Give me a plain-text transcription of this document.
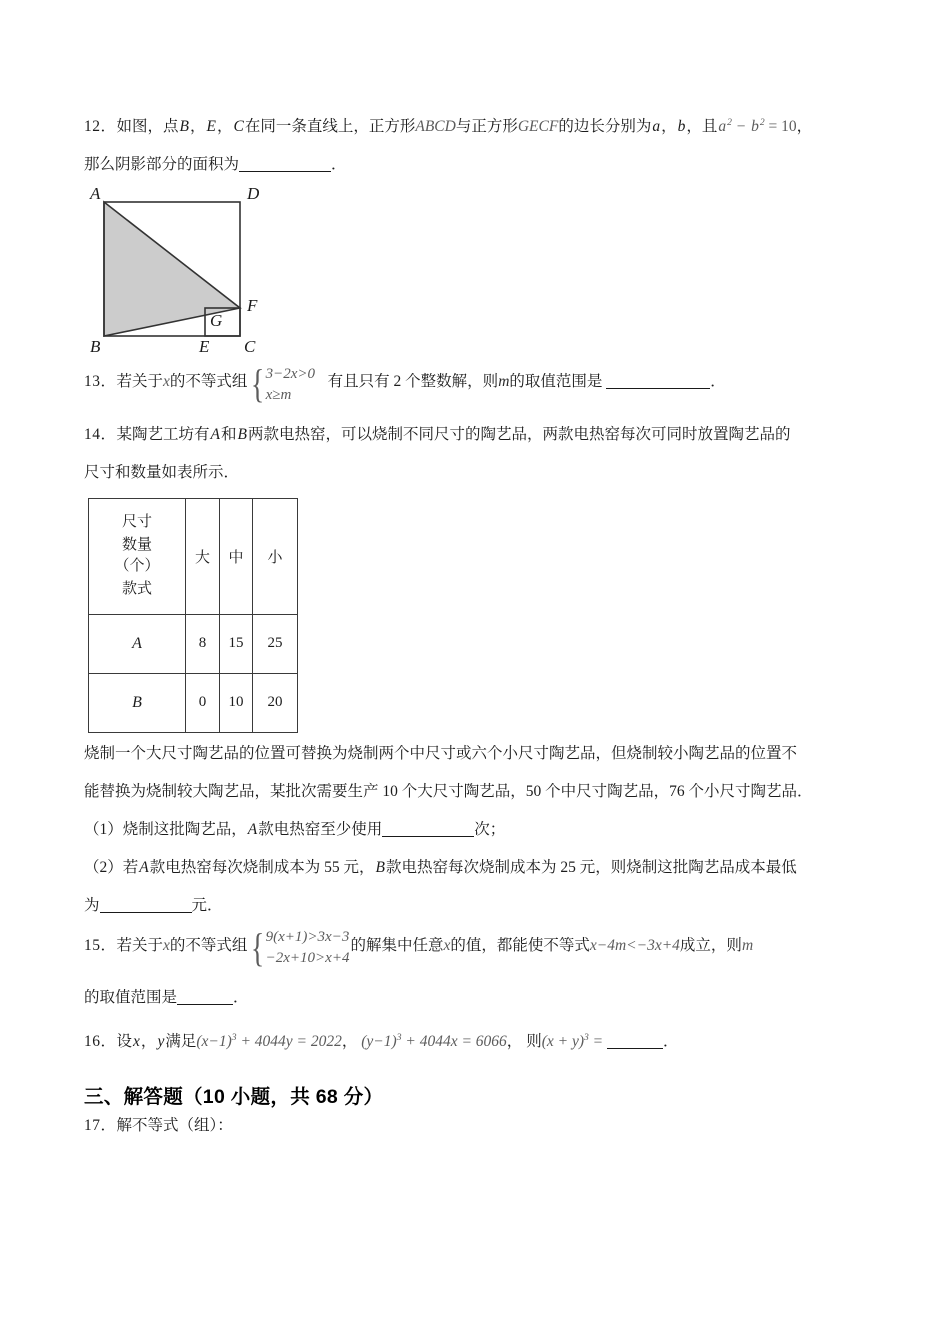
12．如图，点B，E，C在同一条直线上，正方形ABCD与正方形GECF的边长分别为a，b，且$a^2 - b^2 = 10$，
那么阴影部分的面积为	．
A	D
F
G
B	E C
13．若关于x的不等式组 { 3−2x>0
x≥m
有且只有 2 个整数解，则m的取值范围是	．
14．某陶艺工坊有A和B两款电热窑，可以烧制不同尺寸的陶艺品，两款电热窑每次可同时放置陶艺品的
尺寸和数量如表所示．
尺寸
数量
（个）
款式	大	中	小
A	8	15	25

B	0	10	20
烧制一个大尺寸陶艺品的位置可替换为烧制两个中尺寸或六个小尺寸陶艺品，但烧制较小陶艺品的位置不
能替换为烧制较大陶艺品，某批次需要生产 10 个大尺寸陶艺品，50 个中尺寸陶艺品，76 个小尺寸陶艺品．
（1）烧制这批陶艺品，A款电热窑至少使用	次；
（2）若A款电热窑每次烧制成本为 55 元，B款电热窑每次烧制成本为 25 元，则烧制这批陶艺品成本最低
为	元．
15．若关于x的不等式组 { 9(x+1)>3x−3
−2x+10>x+4
的解集中任意x的值，都能使不等式x−4m<−3x+4成立，则m
的取值范围是	．
16．设x，y满足$(x-1)^3 + 4044y = 2022$， $(y-1)^3 + 4044x = 6066$， 则$(x + y)^3$ =	．
三、解答题（10 小题，共 68 分）
17．解不等式（组）：
